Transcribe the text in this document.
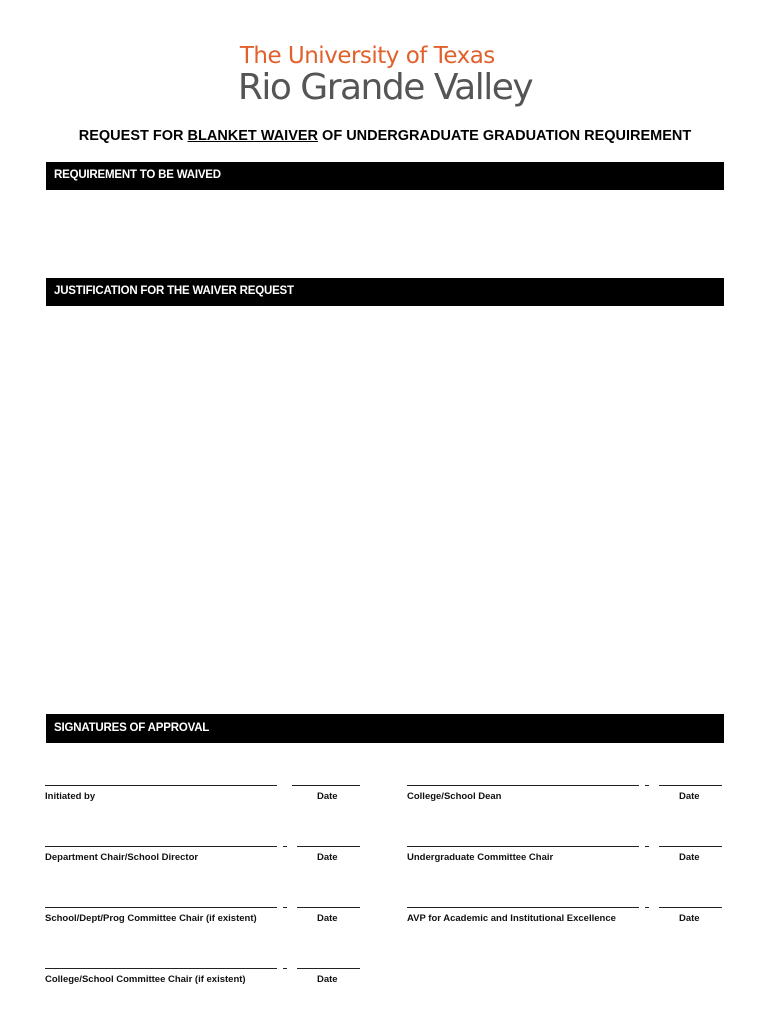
The University of Texas
Rio Grande Valley
REQUEST FOR BLANKET WAIVER OF UNDERGRADUATE GRADUATION REQUIREMENT
REQUIREMENT TO BE WAIVED
JUSTIFICATION FOR THE WAIVER REQUEST
SIGNATURES OF APPROVAL
Initiated by	Date
Department Chair/School Director	Date
School/Dept/Prog Committee Chair (if existent)	Date
College/School Committee Chair (if existent)	Date
College/School Dean	Date
Undergraduate Committee Chair	Date
AVP for Academic and Institutional Excellence	Date
